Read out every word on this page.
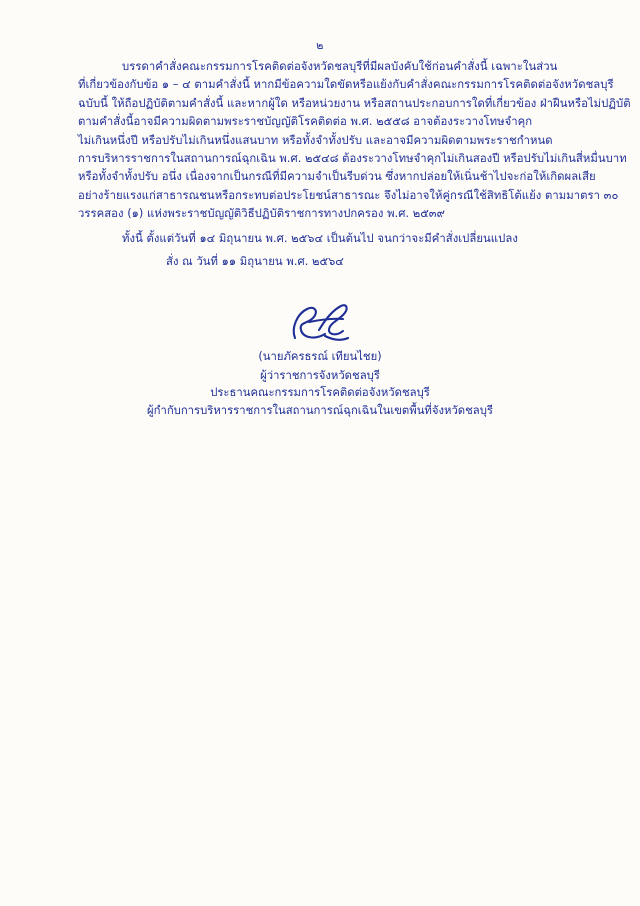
๒

บรรดาคำสั่งคณะกรรมการโรคติดต่อจังหวัดชลบุรีที่มีผลบังคับใช้ก่อนคำสั่งนี้ เฉพาะในส่วน
ที่เกี่ยวข้องกับข้อ ๑ – ๔ ตามคำสั่งนี้ หากมีข้อความใดขัดหรือแย้งกับคำสั่งคณะกรรมการโรคติดต่อจังหวัดชลบุรี
ฉบับนี้ ให้ถือปฏิบัติตามคำสั่งนี้ และหากผู้ใด หรือหน่วยงาน หรือสถานประกอบการใดที่เกี่ยวข้อง ฝ่าฝืนหรือไม่ปฏิบัติ
ตามคำสั่งนี้อาจมีความผิดตามพระราชบัญญัติโรคติดต่อ พ.ศ. ๒๕๕๘ อาจต้องระวางโทษจำคุก
ไม่เกินหนึ่งปี หรือปรับไม่เกินหนึ่งแสนบาท หรือทั้งจำทั้งปรับ และอาจมีความผิดตามพระราชกำหนด
การบริหารราชการในสถานการณ์ฉุกเฉิน พ.ศ. ๒๕๔๘ ต้องระวางโทษจำคุกไม่เกินสองปี หรือปรับไม่เกินสี่หมื่นบาท
หรือทั้งจำทั้งปรับ อนึ่ง เนื่องจากเป็นกรณีที่มีความจำเป็นรีบด่วน ซึ่งหากปล่อยให้เนิ่นช้าไปจะก่อให้เกิดผลเสีย
อย่างร้ายแรงแก่สาธารณชนหรือกระทบต่อประโยชน์สาธารณะ จึงไม่อาจให้คู่กรณีใช้สิทธิโต้แย้ง ตามมาตรา ๓๐
วรรคสอง (๑) แห่งพระราชบัญญัติวิธีปฏิบัติราชการทางปกครอง พ.ศ. ๒๕๓๙

ทั้งนี้ ตั้งแต่วันที่ ๑๔ มิถุนายน พ.ศ. ๒๕๖๔ เป็นต้นไป จนกว่าจะมีคำสั่งเปลี่ยนแปลง

สั่ง ณ วันที่ ๑๑ มิถุนายน พ.ศ. ๒๕๖๔

(นายภัครธรณ์ เทียนไชย)
ผู้ว่าราชการจังหวัดชลบุรี
ประธานคณะกรรมการโรคติดต่อจังหวัดชลบุรี
ผู้กำกับการบริหารราชการในสถานการณ์ฉุกเฉินในเขตพื้นที่จังหวัดชลบุรี
